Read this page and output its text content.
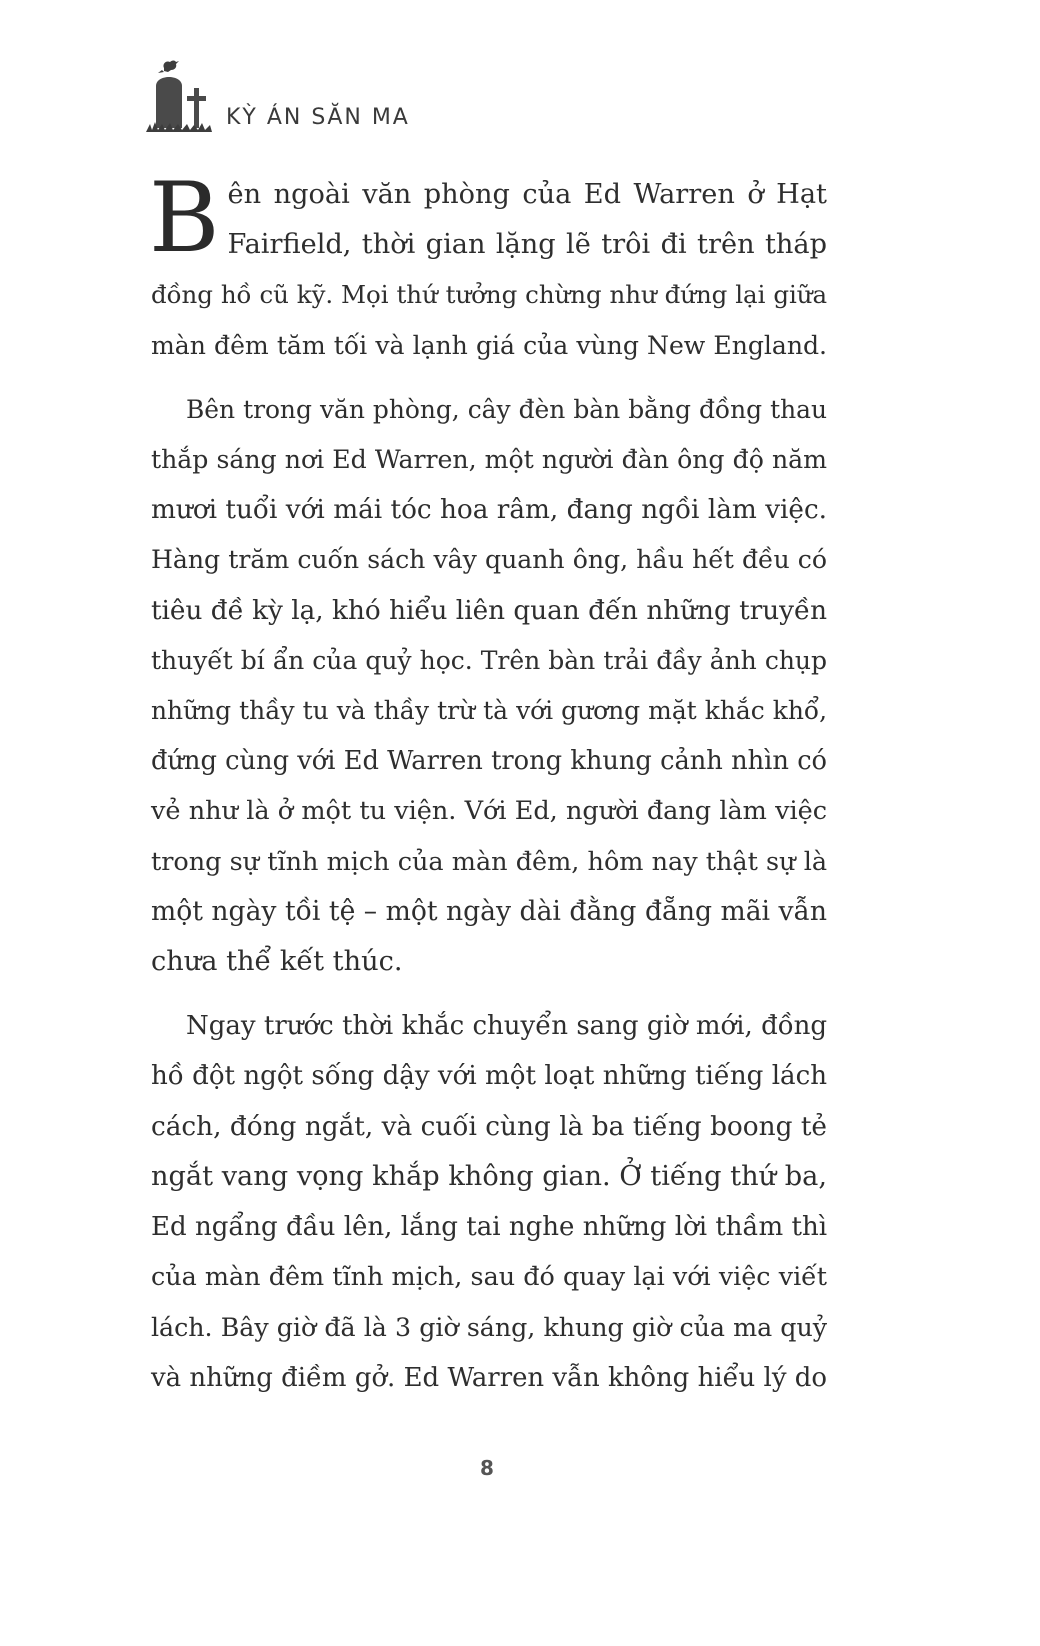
KỲ ÁN SĂN MA
B ên ngoài văn phòng của Ed Warren ở Hạt
Fairfield, thời gian lặng lẽ trôi đi trên tháp
đồng hồ cũ kỹ. Mọi thứ tưởng chừng như đứng lại giữa
màn đêm tăm tối và lạnh giá của vùng New England.
Bên trong văn phòng, cây đèn bàn bằng đồng thau
thắp sáng nơi Ed Warren, một người đàn ông độ năm
mươi tuổi với mái tóc hoa râm, đang ngồi làm việc.
Hàng trăm cuốn sách vây quanh ông, hầu hết đều có
tiêu đề kỳ lạ, khó hiểu liên quan đến những truyền
thuyết bí ẩn của quỷ học. Trên bàn trải đầy ảnh chụp
những thầy tu và thầy trừ tà với gương mặt khắc khổ,
đứng cùng với Ed Warren trong khung cảnh nhìn có
vẻ như là ở một tu viện. Với Ed, người đang làm việc
trong sự tĩnh mịch của màn đêm, hôm nay thật sự là
một ngày tồi tệ – một ngày dài đằng đẵng mãi vẫn
chưa thể kết thúc.
Ngay trước thời khắc chuyển sang giờ mới, đồng
hồ đột ngột sống dậy với một loạt những tiếng lách
cách, đóng ngắt, và cuối cùng là ba tiếng boong tẻ
ngắt vang vọng khắp không gian. Ở tiếng thứ ba,
Ed ngẩng đầu lên, lắng tai nghe những lời thầm thì
của màn đêm tĩnh mịch, sau đó quay lại với việc viết
lách. Bây giờ đã là 3 giờ sáng, khung giờ của ma quỷ
và những điềm gở. Ed Warren vẫn không hiểu lý do
8
